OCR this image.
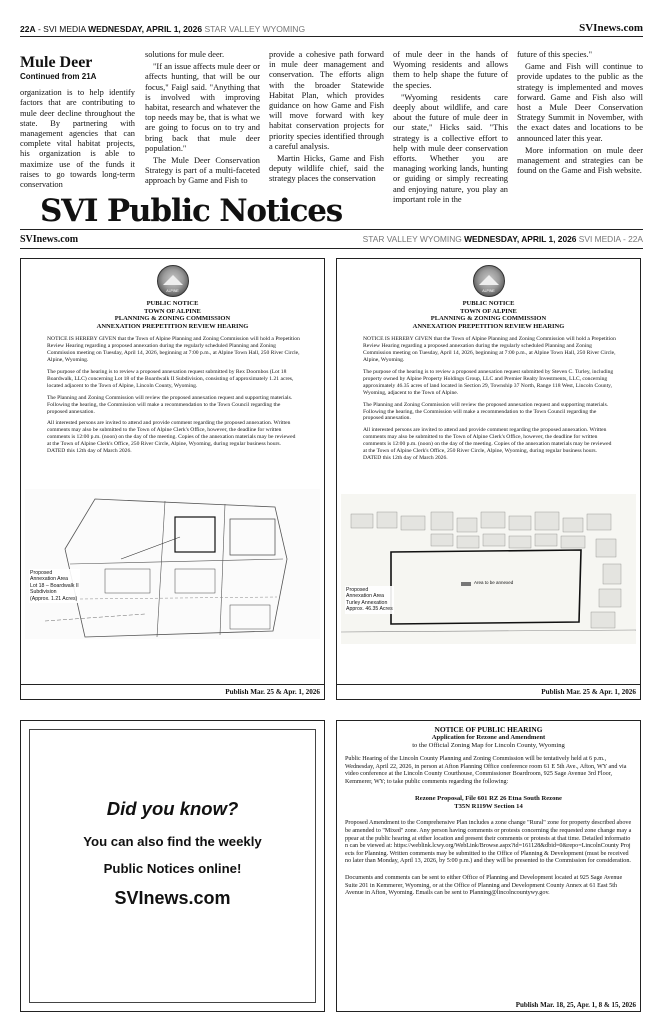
22A - SVI MEDIA WEDNESDAY, APRIL 1, 2026 STAR VALLEY WYOMING	SVInews.com
Mule Deer
Continued from 21A

organization is to help identify factors that are contributing to mule deer decline throughout the state. By partnering with management agencies that can complete vital habitat projects, his organization is able to maximize use of the funds it raises to go towards long-term conservation

solutions for mule deer.

"If an issue affects mule deer or affects hunting, that will be our focus," Faigl said. "Anything that is involved with improving habitat, research and whatever the top needs may be, that is what we are going to focus on to try and bring back that mule deer population."

The Mule Deer Conservation Strategy is part of a multi-faceted approach by Game and Fish to

provide a cohesive path forward in mule deer management and conservation. The efforts align with the broader Statewide Habitat Plan, which provides guidance on how Game and Fish will move forward with key habitat conservation projects for priority species identified through a careful analysis.

Martin Hicks, Game and Fish deputy wildlife chief, said the strategy places the conservation

of mule deer in the hands of Wyoming residents and allows them to help shape the future of the species.

"Wyoming residents care deeply about wildlife, and care about the future of mule deer in our state," Hicks said. "This strategy is a collective effort to help with mule deer conservation efforts. Whether you are managing working lands, hunting or guiding or simply recreating and enjoying nature, you play an important role in the

future of this species."

Game and Fish will continue to provide updates to the public as the strategy is implemented and moves forward. Game and Fish also will host a Mule Deer Conservation Strategy Summit in November, with the exact dates and locations to be announced later this year.

More information on mule deer management and strategies can be found on the Game and Fish website.

SVI Public Notices
SVInews.com	STAR VALLEY WYOMING WEDNESDAY, APRIL 1, 2026 SVI MEDIA - 22A
ALPINE
PUBLIC NOTICE
TOWN OF ALPINE
PLANNING & ZONING COMMISSION
ANNEXATION PREPETITION REVIEW HEARING

NOTICE IS HEREBY GIVEN that the Town of Alpine Planning and Zoning Commission will hold a Prepetition Review Hearing regarding a proposed annexation during the regularly scheduled Planning and Zoning Commission meeting on Tuesday, April 14, 2026, beginning at 7:00 p.m., at Alpine Town Hall, 250 River Circle, Alpine, Wyoming.

The purpose of the hearing is to review a proposed annexation request submitted by Rex Doornbos (Lot 18 Boardwalk, LLC) concerning Lot 18 of the Boardwalk II Subdivision, consisting of approximately 1.21 acres, located adjacent to the Town of Alpine, Lincoln County, Wyoming.

The Planning and Zoning Commission will review the proposed annexation request and supporting materials. Following the hearing, the Commission will make a recommendation to the Town Council regarding the proposed annexation.

All interested persons are invited to attend and provide comment regarding the proposed annexation. Written comments may also be submitted to the Town of Alpine Clerk's Office, however, the deadline for written comments is 12:00 p.m. (noon) on the day of the meeting. Copies of the annexation materials may be reviewed at the Town of Alpine Clerk's Office, 250 River Circle, Alpine, Wyoming, during regular business hours.

DATED this 12th day of March 2026.

Proposed
Annexation Area
Lot 18 – Boardwalk II
Subdivision
(Approx. 1.21 Acres)
Publish Mar. 25 & Apr. 1, 2026
ALPINE
PUBLIC NOTICE
TOWN OF ALPINE
PLANNING & ZONING COMMISSION
ANNEXATION PREPETITION REVIEW HEARING

NOTICE IS HEREBY GIVEN that the Town of Alpine Planning and Zoning Commission will hold a Prepetition Review Hearing regarding a proposed annexation during the regularly scheduled Planning and Zoning Commission meeting on Tuesday, April 14, 2026, beginning at 7:00 p.m., at Alpine Town Hall, 250 River Circle, Alpine, Wyoming.

The purpose of the hearing is to review a proposed annexation request submitted by Steven C. Turley, including property owned by Alpine Property Holdings Group, LLC and Premier Realty Investments, LLC, concerning approximately 46.35 acres of land located in Section 29, Township 37 North, Range 118 West, Lincoln County, Wyoming, adjacent to the Town of Alpine.

The Planning and Zoning Commission will review the proposed annexation request and supporting materials. Following the hearing, the Commission will make a recommendation to the Town Council regarding the proposed annexation.

All interested persons are invited to attend and provide comment regarding the proposed annexation. Written comments may also be submitted to the Town of Alpine Clerk's Office, however, the deadline for written comments is 12:00 p.m. (noon) on the day of the meeting. Copies of the annexation materials may be reviewed at the Town of Alpine Clerk's Office, 250 River Circle, Alpine, Wyoming, during regular business hours.

DATED this 12th day of March 2026.

Proposed
Annexation Area
Turley Annexation
Approx. 46.35 Acres
Area to be annexed
Publish Mar. 25 & Apr. 1, 2026
Did you know?
You can also find the weekly
Public Notices online!
SVInews.com
NOTICE OF PUBLIC HEARING
Application for Rezone and Amendment
to the Official Zoning Map for Lincoln County, Wyoming

Public Hearing of the Lincoln County Planning and Zoning Commission will be tentatively held at 6 p.m., Wednesday, April 22, 2026, in person at Afton Planning Office conference room 61 E 5th Ave., Afton, WY and via video conference at the Lincoln County Courthouse, Commissioner Boardroom, 925 Sage Avenue 3rd Floor, Kemmerer, WY; to take public comments regarding the following:

Rezone Proposal, File 601 RZ 26 Etna South Rezone
T35N R119W Section 14

Proposed Amendment to the Comprehensive Plan includes a zone change "Rural" zone for property described above be amended to "Mixed" zone. Any person having comments or protests concerning the requested zone change may appear at the public hearing at either location and present their comments or protests at that time. Detailed information can be viewed at: https://weblink.lcwy.org/WebLink/Browse.aspx?id=161128&dbid=0&repo=LincolnCounty Projects for Planning. Written comments may be submitted to the Office of Planning & Development (must be received no later than Monday, April 13, 2026, by 5:00 p.m.) and they will be presented to the Commission for consideration.

Documents and comments can be sent to either Office of Planning and Development located at 925 Sage Avenue Suite 201 in Kemmerer, Wyoming, or at the Office of Planning and Development County Annex at 61 East 5th Avenue in Afton, Wyoming. Emails can be sent to Planning@lincolncountywy.gov.

Publish Mar. 18, 25, Apr. 1, 8 & 15, 2026
